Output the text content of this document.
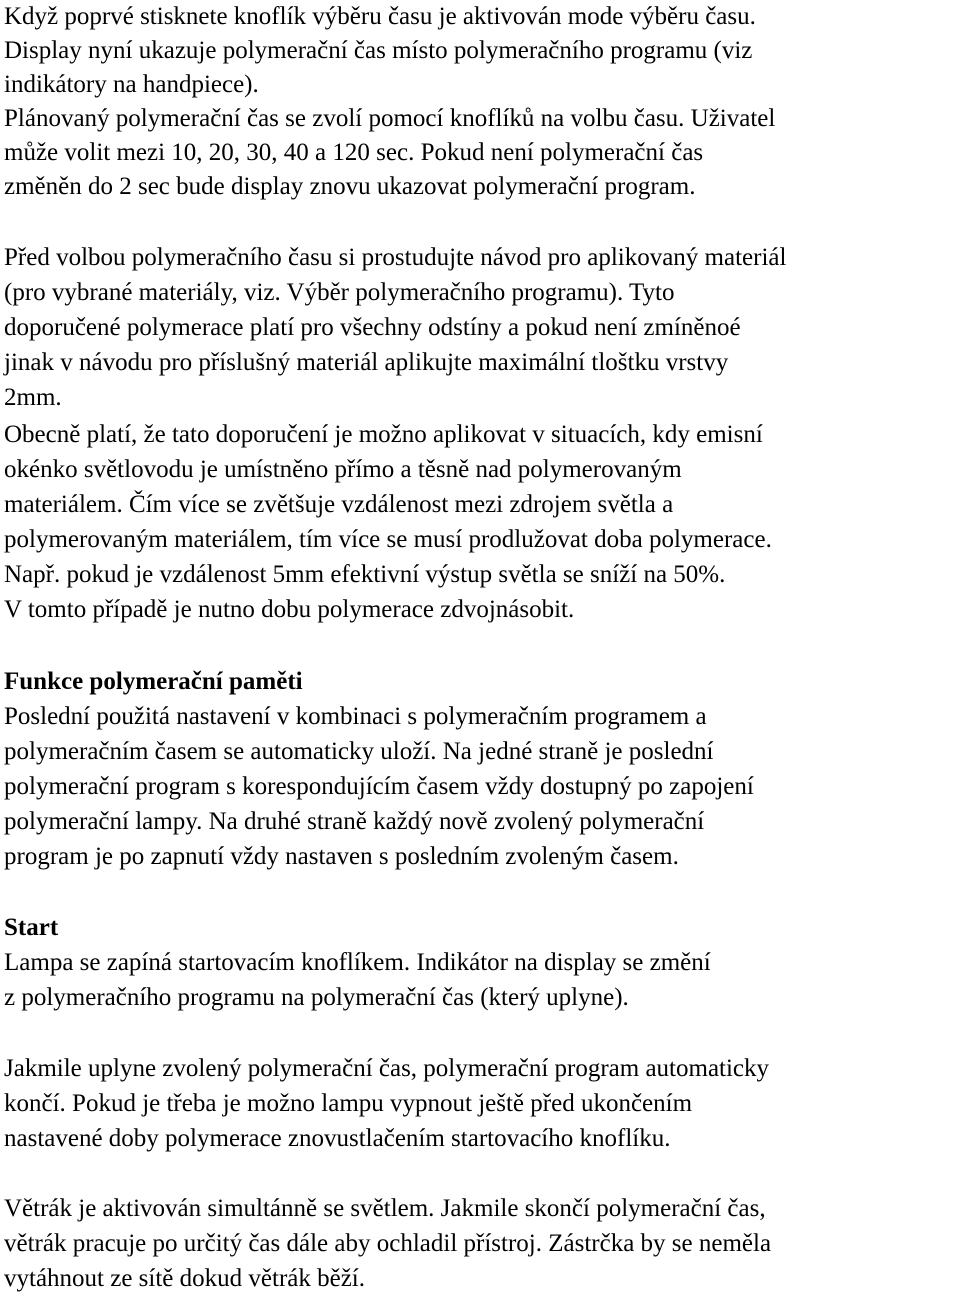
Když poprvé stisknete knoflík výběru času je aktivován mode výběru času.
Displaу nyní ukazuje polymerační čas místo polymeračního programu (viz
indikátory na handpiece).
Plánovaný polymerační čas se zvolí pomocí knoflíků na volbu času. Uživatel
může volit mezi 10, 20, 30, 40 a 120 sec. Pokud není polymerační čas
změněn do 2 sec bude display znovu ukazovat polymerační program.
Před volbou polymeračního času si prostudujte návod pro aplikovaný materiál
(pro vybrané materiály, viz. Výběr polymeračního programu). Tyto
doporučené polymerace platí pro všechny odstíny a pokud není zmíněnoé
jinak v návodu pro příslušný materiál aplikujte maximální tloštku vrstvy
2mm.
Obecně platí, že tato doporučení je možno aplikovat v situacích, kdy emisní
okénko světlovodu je umístněno přímo a těsně nad polymerovaným
materiálem. Čím více se zvětšuje vzdálenost mezi zdrojem světla a
polymerovaným materiálem, tím více se musí prodlužovat doba polymerace.
Např. pokud je vzdálenost 5mm efektivní výstup světla se sníží na 50%.
V tomto případě je nutno dobu polymerace zdvojnásobit.
Funkce polymerační paměti
Poslední použitá nastavení v kombinaci s polymeračním programem a
polymeračním časem se automaticky uloží. Na jedné straně je poslední
polymerační program s korespondujícím časem vždy dostupný po zapojení
polymerační lampy. Na druhé straně každý nově zvolený polymerační
program je po zapnutí vždy nastaven s posledním zvoleným časem.
Start
Lampa se zapíná startovacím knoflíkem. Indikátor na display se změní
z polymeračního programu na polymerační čas (který uplyne).
Jakmile uplyne zvolený polymerační čas, polymerační program automaticky
končí. Pokud je třeba je možno lampu vypnout ještě před ukončením
nastavené doby polymerace znovustlačením startovacího knoflíku.
Větrák je aktivován simultánně se světlem. Jakmile skončí polymerační čas,
větrák pracuje po určitý čas dále aby ochladil přístroj. Zástrčka by se neměla
vytáhnout ze sítě dokud větrák běží.
